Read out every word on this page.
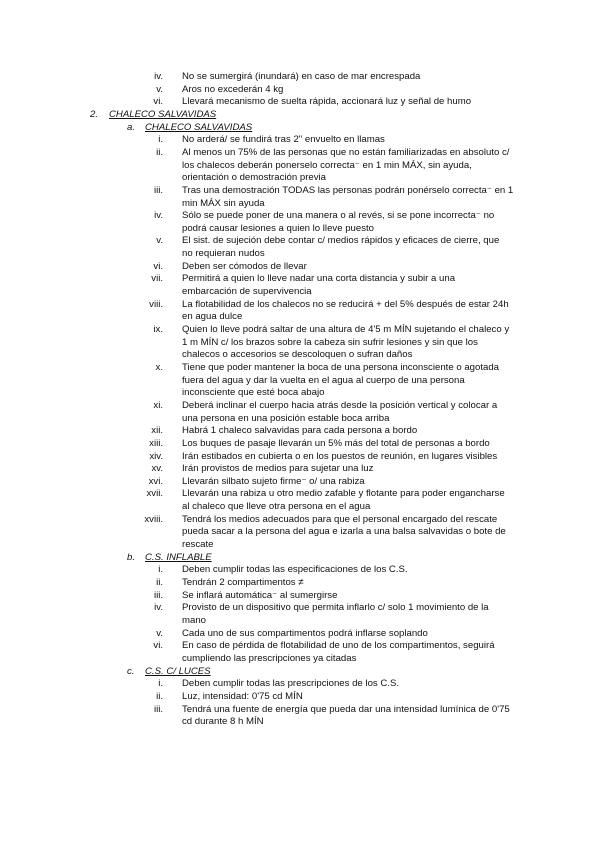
iv. No se sumergirá (inundará) en caso de mar encrespada
v. Aros no excederán 4 kg
vi. Llevará mecanismo de suelta rápida, accionará luz y señal de humo
2. CHALECO SALVAVIDAS
a. CHALECO SALVAVIDAS
i. No arderá/ se fundirá tras 2" envuelto en llamas
ii. Al menos un 75% de las personas que no están familiarizadas en absoluto c/
los chalecos deberán ponerselo correcta⁻ en 1 min MÁX, sin ayuda,
orientación o demostración previa
iii. Tras una demostración TODAS las personas podrán ponérselo correcta⁻ en 1
min MÁX sin ayuda
iv. Sólo se puede poner de una manera o al revés, si se pone incorrecta⁻ no
podrá causar lesiones a quien lo lleve puesto
v. El sist. de sujeción debe contar c/ medios rápidos y eficaces de cierre, que
no requieran nudos
vi. Deben ser cómodos de llevar
vii. Permitirá a quien lo lleve nadar una corta distancia y subir a una
embarcación de supervivencia
viii. La flotabilidad de los chalecos no se reducirá + del 5% después de estar 24h
en agua dulce
ix. Quien lo lleve podrá saltar de una altura de 4'5 m MÍN sujetando el chaleco y
1 m MÍN c/ los brazos sobre la cabeza sin sufrir lesiones y sin que los
chalecos o accesorios se descoloquen o sufran daños
x. Tiene que poder mantener la boca de una persona inconsciente o agotada
fuera del agua y dar la vuelta en el agua al cuerpo de una persona
inconsciente que esté boca abajo
xi. Deberá inclinar el cuerpo hacia atrás desde la posición vertical y colocar a
una persona en una posición estable boca arriba
xii. Habrá 1 chaleco salvavidas para cada persona a bordo
xiii. Los buques de pasaje llevarán un 5% más del total de personas a bordo
xiv. Irán estibados en cubierta o en los puestos de reunión, en lugares visibles
xv. Irán provistos de medios para sujetar una luz
xvi. Llevarán silbato sujeto firme⁻ o/ una rabiza
xvii. Llevarán una rabiza u otro medio zafable y flotante para poder engancharse
al chaleco que lleve otra persona en el agua
xviii. Tendrá los medios adecuados para que el personal encargado del rescate
pueda sacar a la persona del agua e izarla a una balsa salvavidas o bote de
rescate
b. C.S. INFLABLE
i. Deben cumplir todas las especificaciones de los C.S.
ii. Tendrán 2 compartimentos ≠
iii. Se inflará automática⁻ al sumergirse
iv. Provisto de un dispositivo que permita inflarlo c/ solo 1 movimiento de la
mano
v. Cada uno de sus compartimentos podrá inflarse soplando
vi. En caso de pérdida de flotabilidad de uno de los compartimentos, seguirá
cumpliendo las prescripciones ya citadas
c. C.S. C/ LUCES
i. Deben cumplir todas las prescripciones de los C.S.
ii. Luz, intensidad: 0'75 cd MÍN
iii. Tendrá una fuente de energía que pueda dar una intensidad lumínica de 0'75
cd durante 8 h MÍN
